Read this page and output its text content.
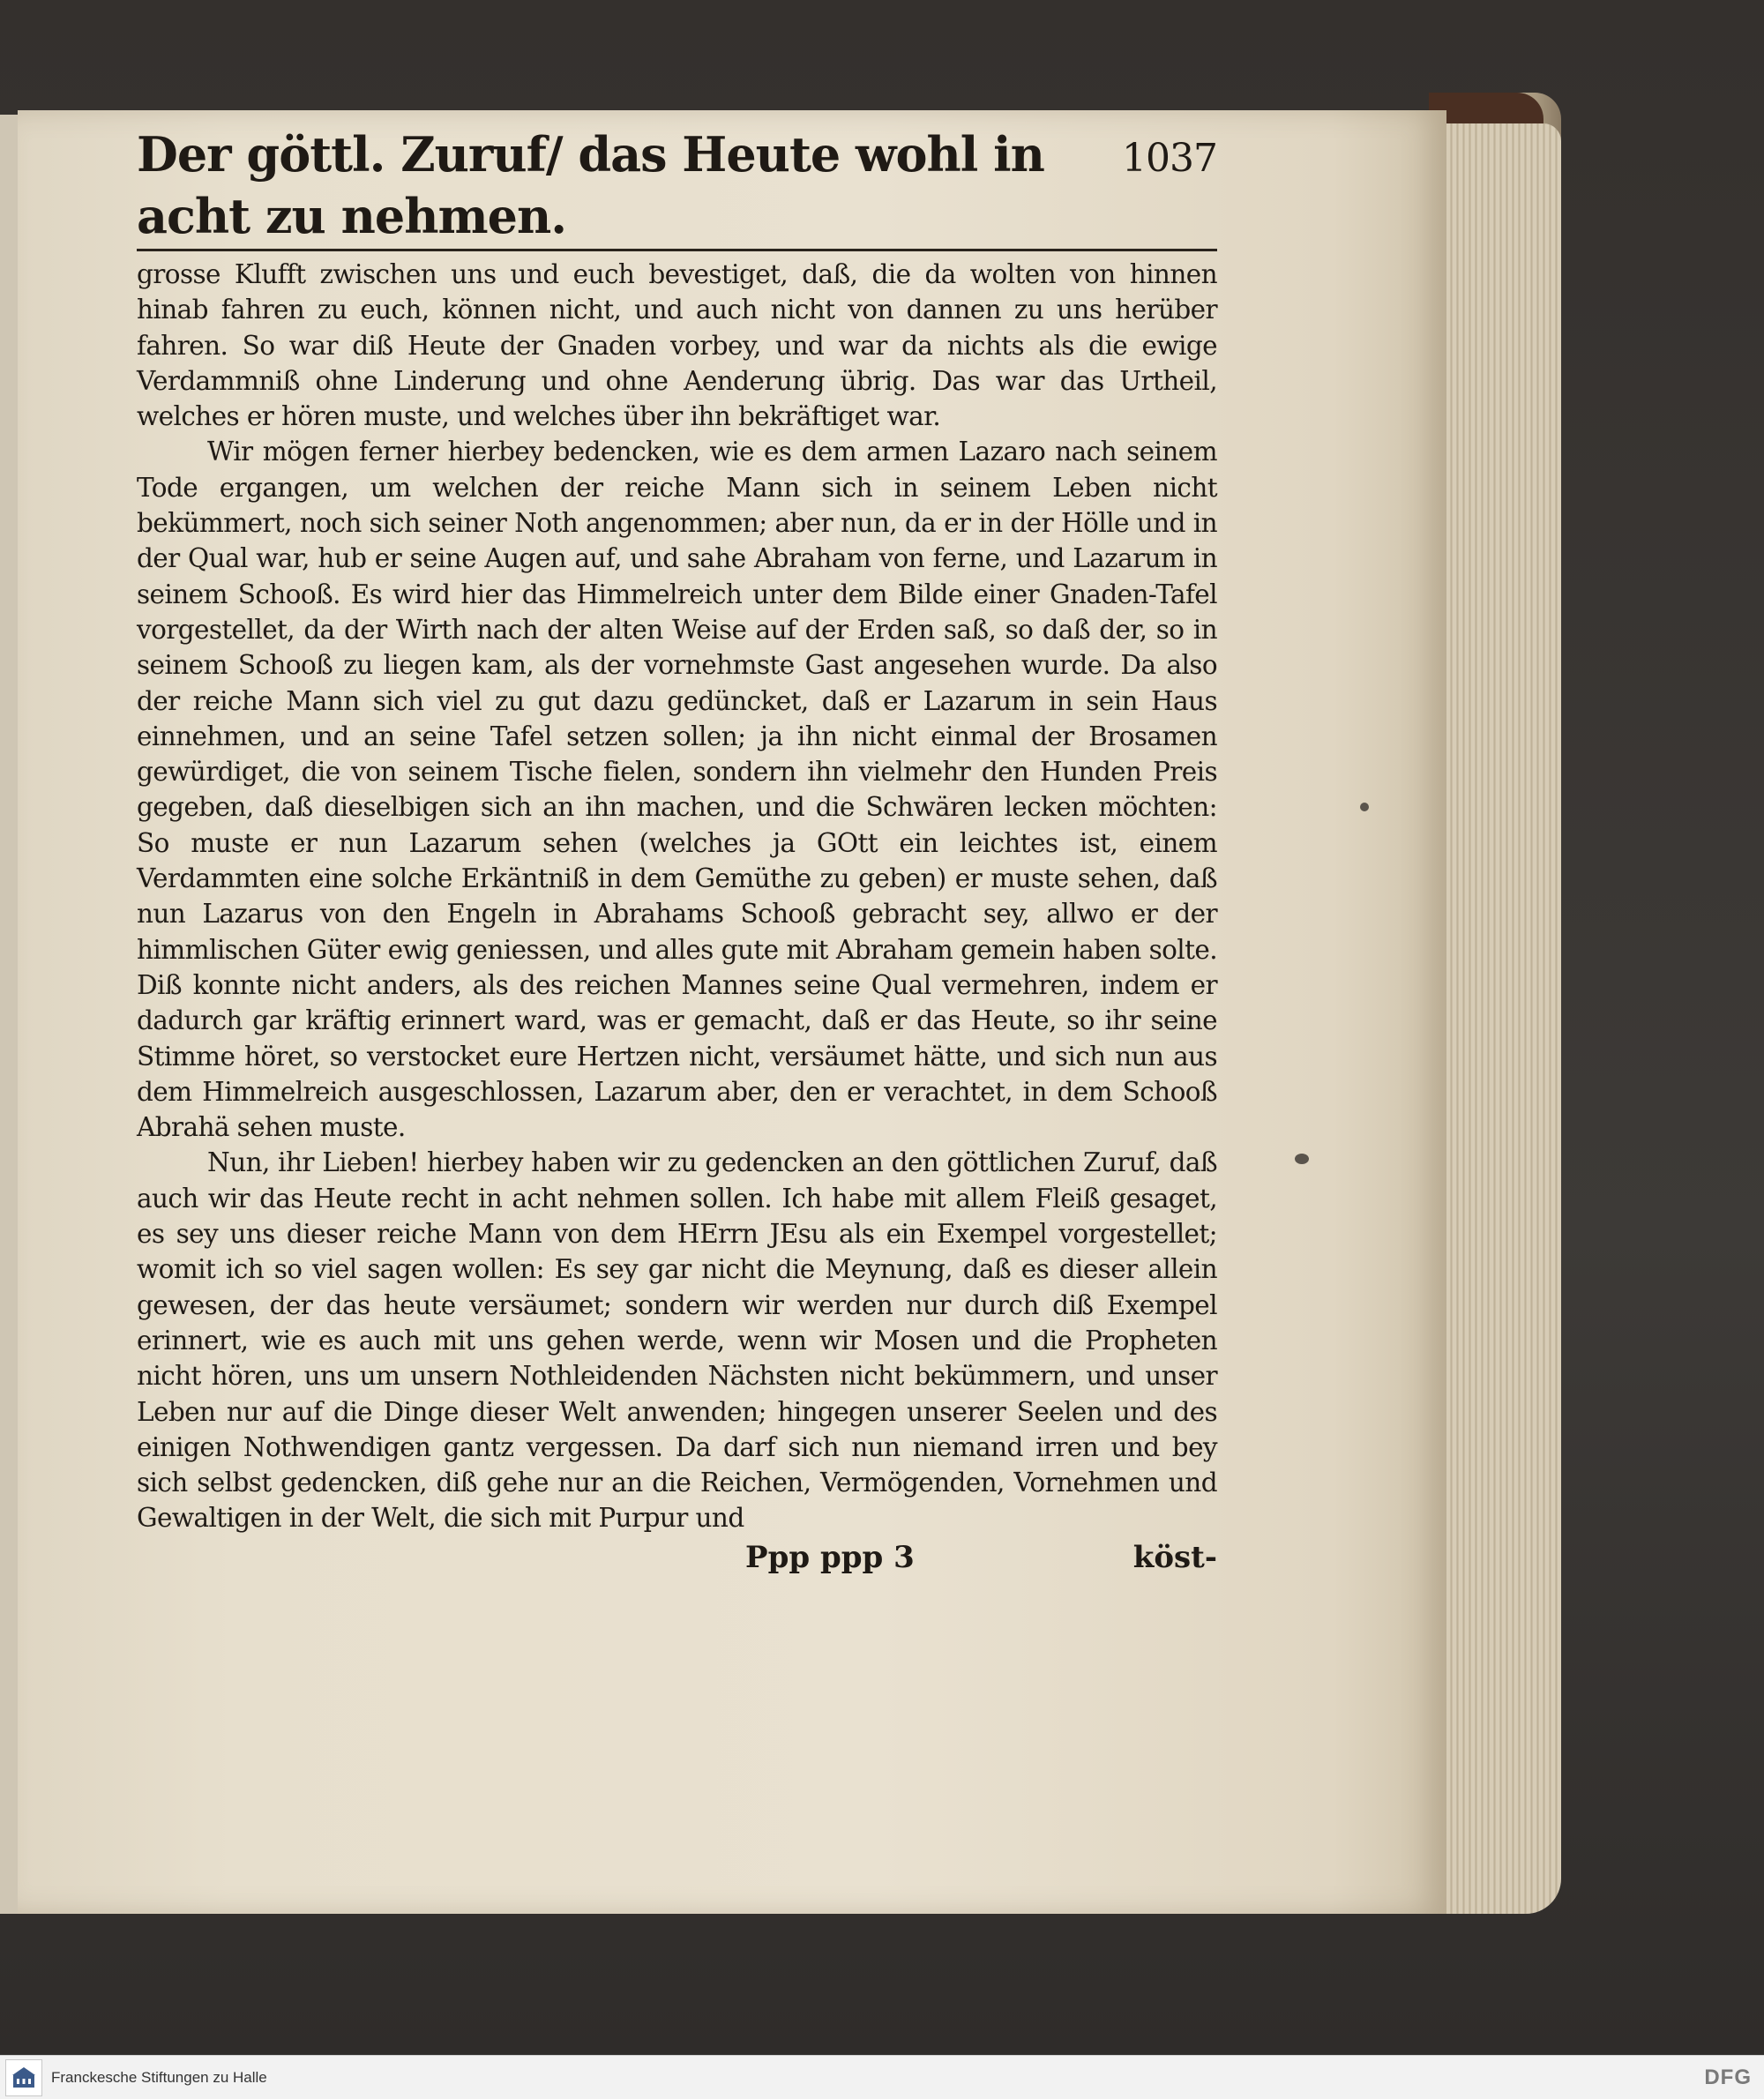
Der göttl. Zuruf/ das Heute wohl in acht zu nehmen.
1037

grosse Klufft zwischen uns und euch bevestiget, daß, die da wolten von hinnen hinab fahren zu euch, können nicht, und auch nicht von dannen zu uns herüber fahren. So war diß Heute der Gnaden vorbey, und war da nichts als die ewige Verdammniß ohne Linderung und ohne Aenderung übrig. Das war das Urtheil, welches er hören muste, und welches über ihn bekräftiget war.

Wir mögen ferner hierbey bedencken, wie es dem armen Lazaro nach seinem Tode ergangen, um welchen der reiche Mann sich in seinem Leben nicht bekümmert, noch sich seiner Noth angenommen; aber nun, da er in der Hölle und in der Qual war, hub er seine Augen auf, und sahe Abraham von ferne, und Lazarum in seinem Schooß. Es wird hier das Himmelreich unter dem Bilde einer Gnaden-Tafel vorgestellet, da der Wirth nach der alten Weise auf der Erden saß, so daß der, so in seinem Schooß zu liegen kam, als der vornehmste Gast angesehen wurde. Da also der reiche Mann sich viel zu gut dazu gedüncket, daß er Lazarum in sein Haus einnehmen, und an seine Tafel setzen sollen; ja ihn nicht einmal der Brosamen gewürdiget, die von seinem Tische fielen, sondern ihn vielmehr den Hunden Preis gegeben, daß dieselbigen sich an ihn machen, und die Schwären lecken möchten: So muste er nun Lazarum sehen (welches ja GOtt ein leichtes ist, einem Verdammten eine solche Erkäntniß in dem Gemüthe zu geben) er muste sehen, daß nun Lazarus von den Engeln in Abrahams Schooß gebracht sey, allwo er der himmlischen Güter ewig geniessen, und alles gute mit Abraham gemein haben solte. Diß konnte nicht anders, als des reichen Mannes seine Qual vermehren, indem er dadurch gar kräftig erinnert ward, was er gemacht, daß er das Heute, so ihr seine Stimme höret, so verstocket eure Hertzen nicht, versäumet hätte, und sich nun aus dem Himmelreich ausgeschlossen, Lazarum aber, den er verachtet, in dem Schooß Abrahä sehen muste.

Nun, ihr Lieben! hierbey haben wir zu gedencken an den göttlichen Zuruf, daß auch wir das Heute recht in acht nehmen sollen. Ich habe mit allem Fleiß gesaget, es sey uns dieser reiche Mann von dem HErrn JEsu als ein Exempel vorgestellet; womit ich so viel sagen wollen: Es sey gar nicht die Meynung, daß es dieser allein gewesen, der das heute versäumet; sondern wir werden nur durch diß Exempel erinnert, wie es auch mit uns gehen werde, wenn wir Mosen und die Propheten nicht hören, uns um unsern Nothleidenden Nächsten nicht bekümmern, und unser Leben nur auf die Dinge dieser Welt anwenden; hingegen unserer Seelen und des einigen Nothwendigen gantz vergessen. Da darf sich nun niemand irren und bey sich selbst gedencken, diß gehe nur an die Reichen, Vermögenden, Vornehmen und Gewaltigen in der Welt, die sich mit Purpur und

Ppp ppp 3	köst-
Franckesche Stiftungen zu Halle	DFG
